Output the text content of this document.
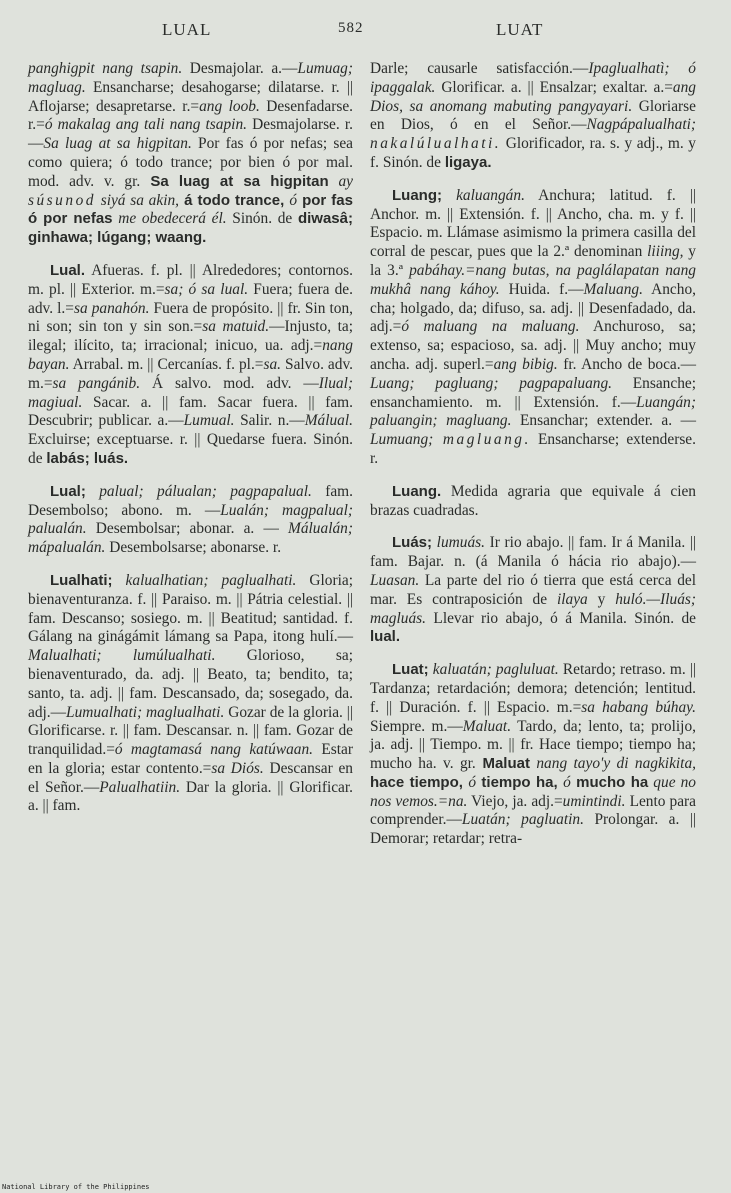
LUAL	582	LUAT

panghigpit nang tsapin. Desmajolar. a.—Lumuag; magluag. Ensancharse; desahogarse; dilatarse. r. || Aflojarse; desapretarse. r.=ang loob. Desenfadarse. r.=ó makalag ang tali nang tsapin. Desmajolarse. r.—Sa luag at sa higpitan. Por fas ó por nefas; sea como quiera; ó todo trance; por bien ó por mal. mod. adv. v. gr. Sa luag at sa higpitan ay súsunod siyá sa akin, á todo trance, ó por fas ó por nefas me obedecerá él. Sinón. de diwasâ; ginhawa; lúgang; waang.

Lual. Afueras. f. pl. || Alrededores; contornos. m. pl. || Exterior. m.=sa; ó sa lual. Fuera; fuera de. adv. l.=sa panahón. Fuera de propósito. || fr. Sin ton, ni son; sin ton y sin son.=sa matuid.—Injusto, ta; ilegal; ilícito, ta; irracional; inicuo, ua. adj.=nang bayan. Arrabal. m. || Cercanías. f. pl.=sa. Salvo. adv. m.=sa pangánib. Á salvo. mod. adv. —Ilual; magiual. Sacar. a. || fam. Sacar fuera. || fam. Descubrir; publicar. a.—Lumual. Salir. n.—Málual. Excluirse; exceptuarse. r. || Quedarse fuera. Sinón. de labás; luás.

Lual; palual; pálualan; pagpapalual. fam. Desembolso; abono. m. —Lualán; magpalual; palualán. Desembolsar; abonar. a. — Málualán; mápalualán. Desembolsarse; abonarse. r.

Lualhati; kalualhatian; paglualhati. Gloria; bienaventuranza. f. || Paraiso. m. || Pátria celestial. || fam. Descanso; sosiego. m. || Beatitud; santidad. f. Gálang na ginágámit lámang sa Papa, itong hulí.—Malualhati; lumúlualhati. Glorioso, sa; bienaventurado, da. adj. || Beato, ta; bendito, ta; santo, ta. adj. || fam. Descansado, da; sosegado, da. adj.—Lumualhati; maglualhati. Gozar de la gloria. || Glorificarse. r. || fam. Descansar. n. || fam. Gozar de tranquilidad.=ó magtamasá nang katúwaan. Estar en la gloria; estar contento.=sa Diós. Descansar en el Señor.—Palualhatiin. Dar la gloria. || Glorificar. a. || fam.

Darle; causarle satisfacción.—Ipaglualhatì; ó ipaggalak. Glorificar. a. || Ensalzar; exaltar. a.=ang Dios, sa anomang mabuting pangyayari. Gloriarse en Dios, ó en el Señor.—Nagpápalualhati; nakalúlualhati. Glorificador, ra. s. y adj., m. y f. Sinón. de ligaya.

Luang; kaluangán. Anchura; latitud. f. || Anchor. m. || Extensión. f. || Ancho, cha. m. y f. || Espacio. m. Llámase asimismo la primera casilla del corral de pescar, pues que la 2.ª denominan liiing, y la 3.ª pabáhay.=nang butas, na paglálapatan nang mukhâ nang káhoy. Huida. f.—Maluang. Ancho, cha; holgado, da; difuso, sa. adj. || Desenfadado, da. adj.=ó maluang na maluang. Anchuroso, sa; extenso, sa; espacioso, sa. adj. || Muy ancho; muy ancha. adj. superl.=ang bibig. fr. Ancho de boca.—Luang; pagluang; pagpapaluang. Ensanche; ensanchamiento. m. || Extensión. f.—Luangán; paluangin; magluang. Ensanchar; extender. a. — Lumuang; magluang. Ensancharse; extenderse. r.

Luang. Medida agraria que equivale á cien brazas cuadradas.

Luás; lumuás. Ir rio abajo. || fam. Ir á Manila. || fam. Bajar. n. (á Manila ó hácia rio abajo).—Luasan. La parte del rio ó tierra que está cerca del mar. Es contraposición de ilaya y huló.—Iluás; magluás. Llevar rio abajo, ó á Manila. Sinón. de lual.

Luat; kaluatán; pagluluat. Retardo; retraso. m. || Tardanza; retardación; demora; detención; lentitud. f. || Duración. f. || Espacio. m.=sa habang búhay. Siempre. m.—Maluat. Tardo, da; lento, ta; prolijo, ja. adj. || Tiempo. m. || fr. Hace tiempo; tiempo ha; mucho ha. v. gr. Maluat nang tayo'y di nagkikita, hace tiempo, ó tiempo ha, ó mucho ha que no nos vemos.=na. Viejo, ja. adj.=umintindi. Lento para comprender.—Luatán; pagluatin. Prolongar. a. || Demorar; retardar; retra-

National Library of the Philippines
